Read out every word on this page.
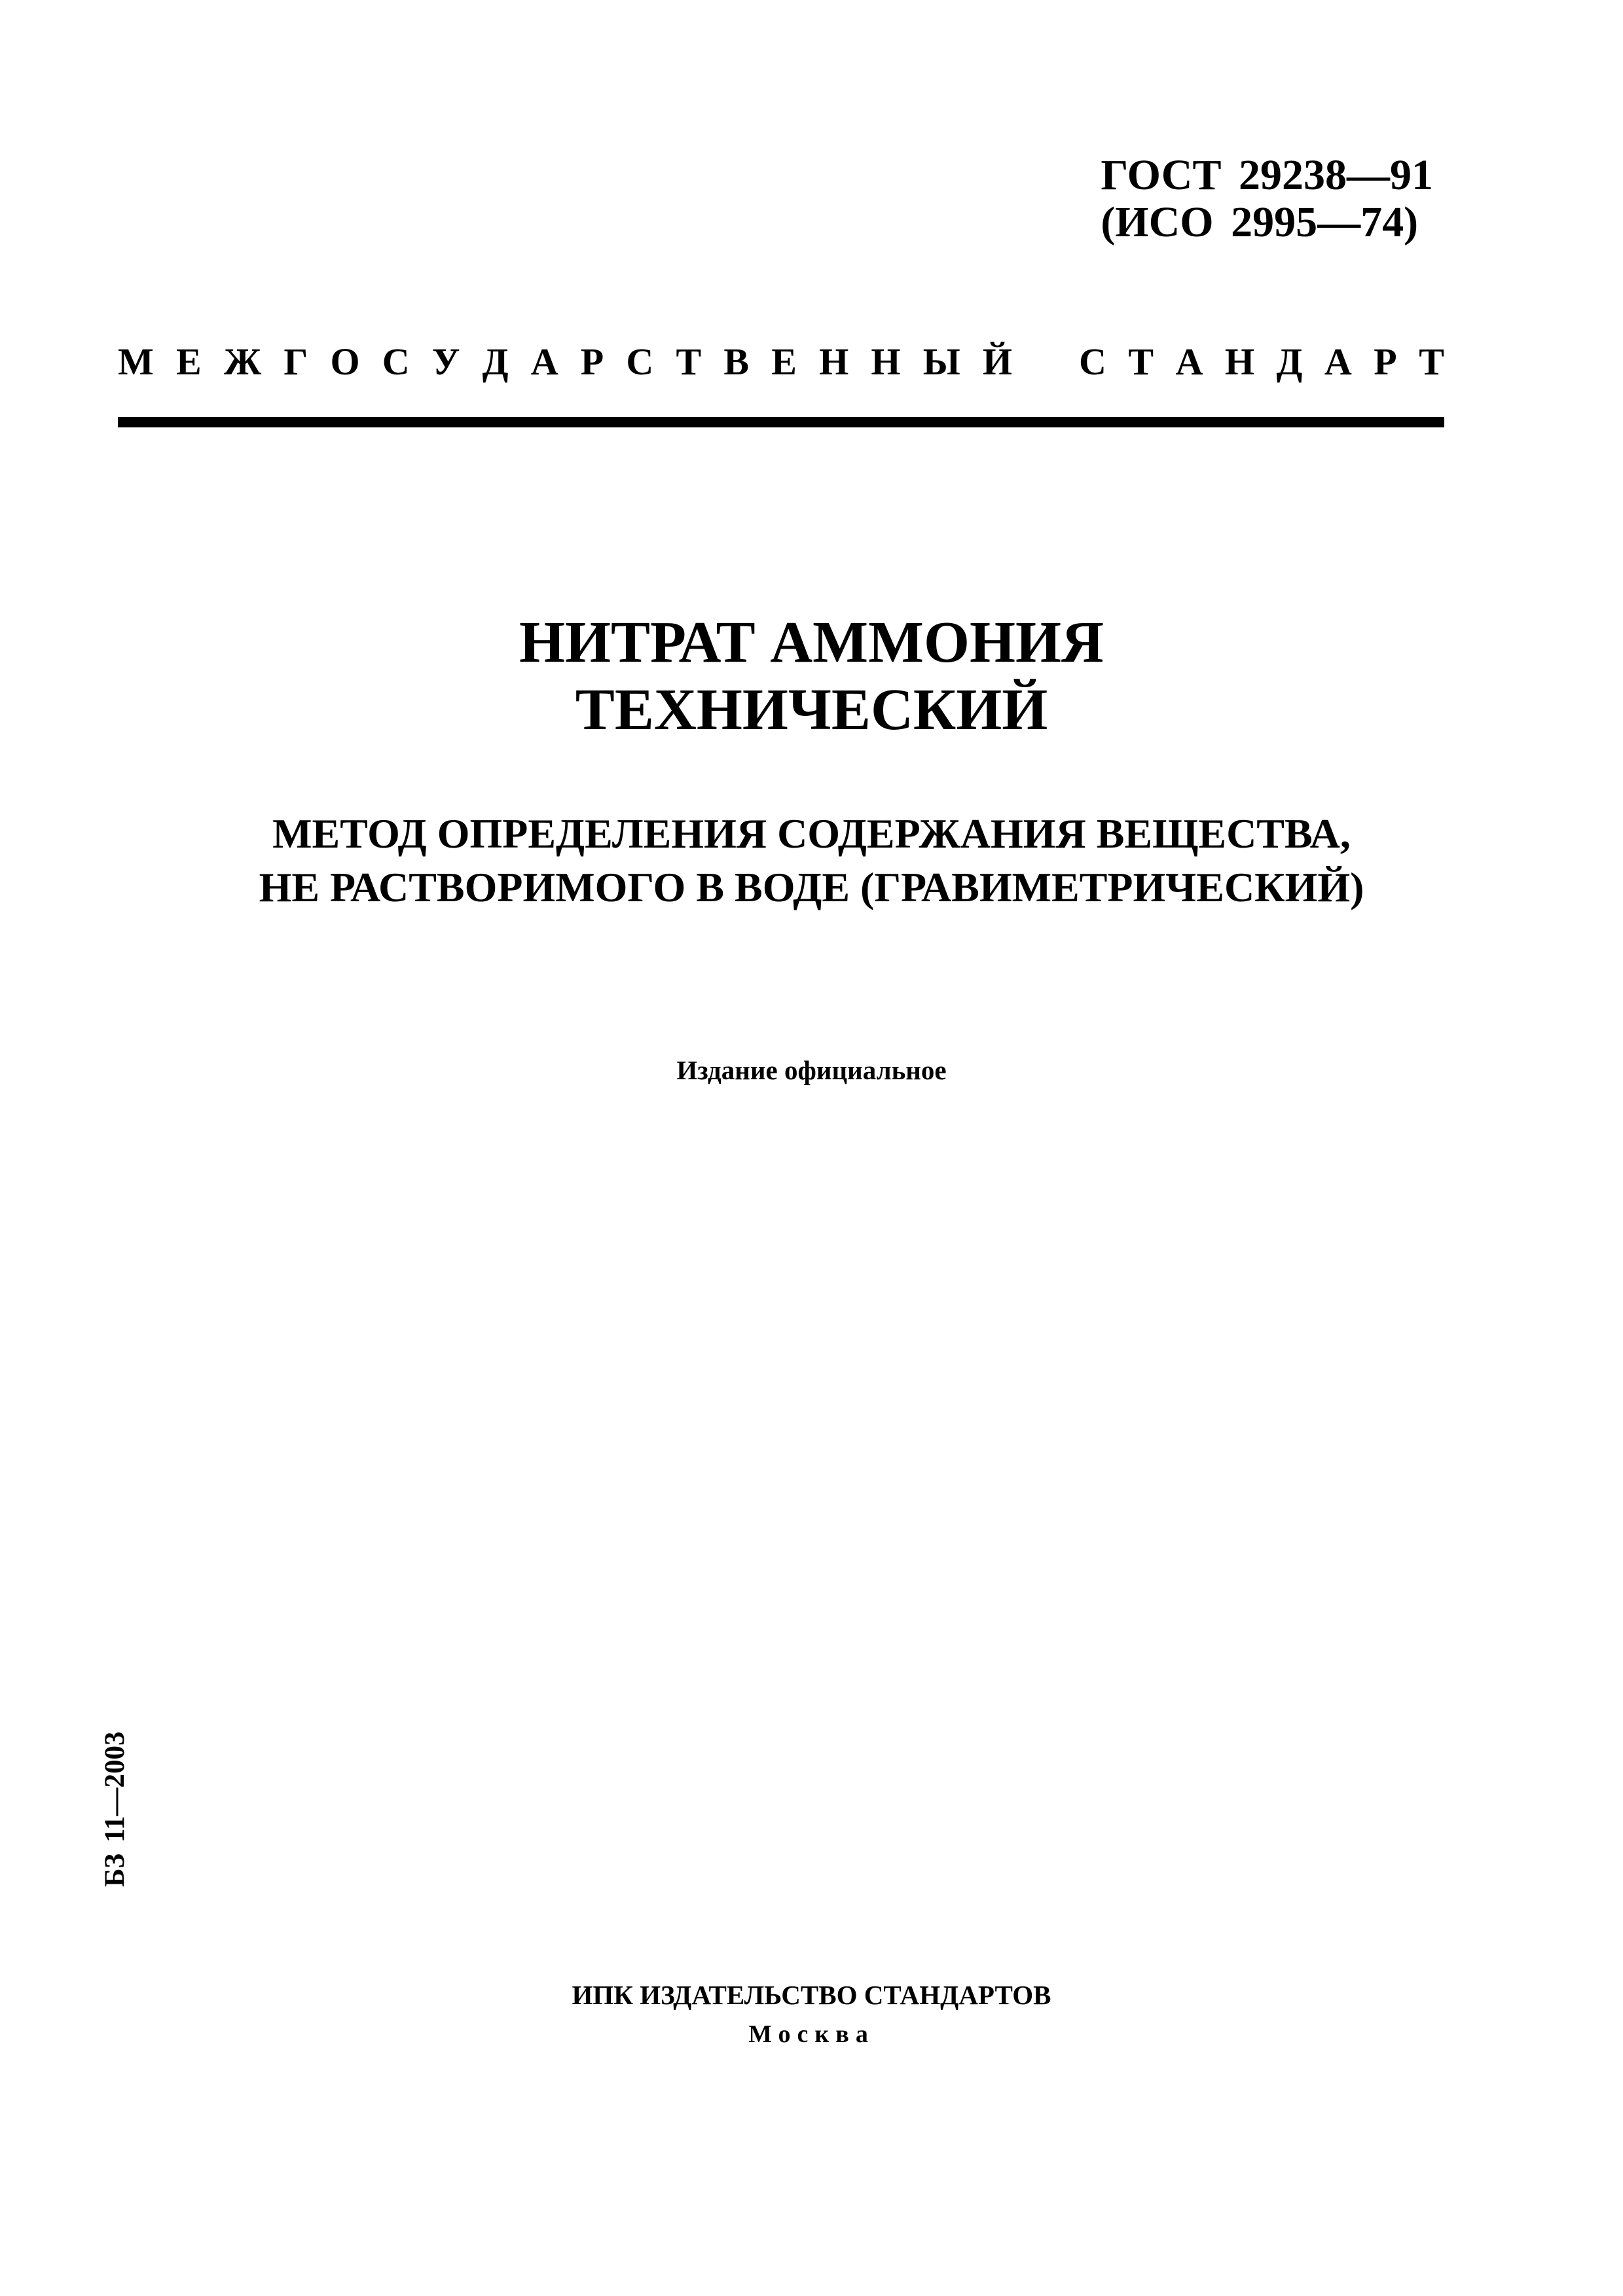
ГОСТ 29238—91
(ИСО 2995—74)
М Е Ж Г О С У Д А Р С Т В Е Н Н Ы Й С Т А Н Д А Р Т
НИТРАТ АММОНИЯ
ТЕХНИЧЕСКИЙ
МЕТОД ОПРЕДЕЛЕНИЯ СОДЕРЖАНИЯ ВЕЩЕСТВА,
НЕ РАСТВОРИМОГО В ВОДЕ (ГРАВИМЕТРИЧЕСКИЙ)
Издание официальное
БЗ 11—2003
ИПК ИЗДАТЕЛЬСТВО СТАНДАРТОВ
Москва
